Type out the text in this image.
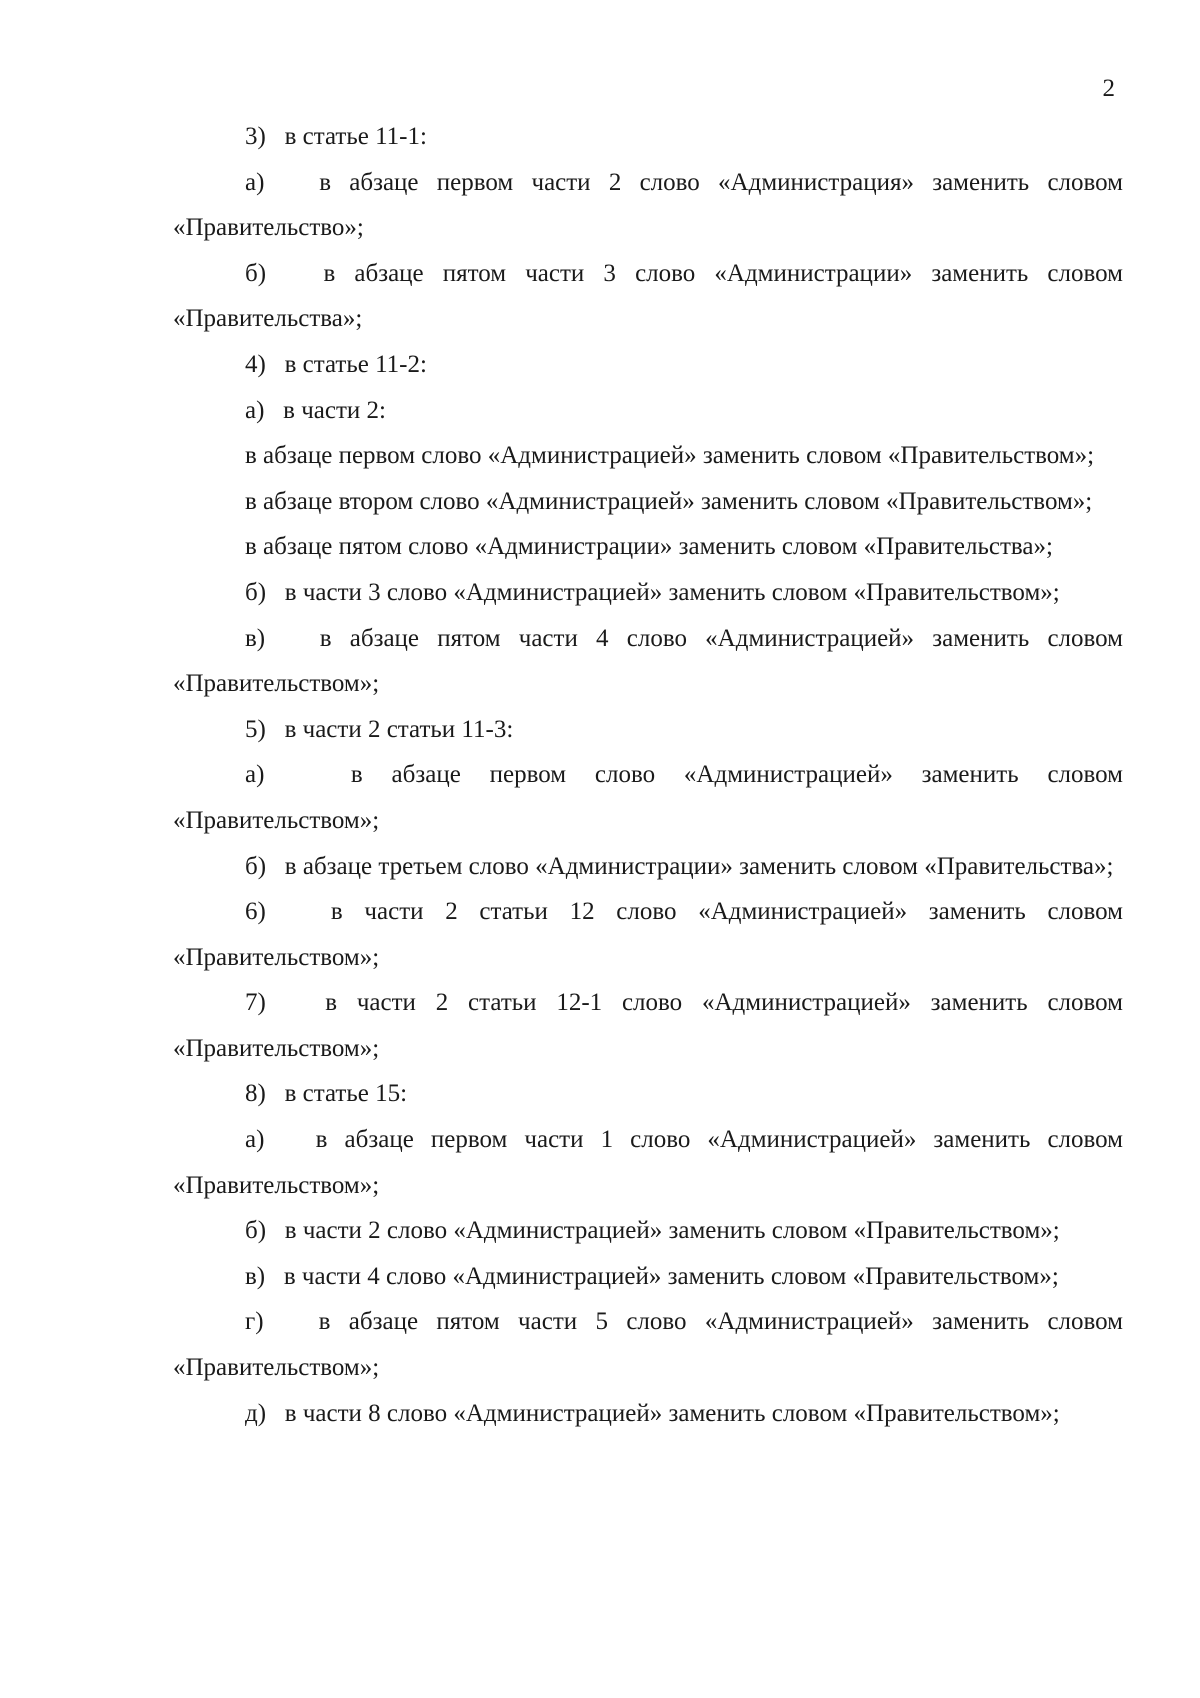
2

3)   в статье 11-1:

а)   в абзаце первом части 2 слово «Администрация» заменить словом «Правительство»;

б)   в абзаце пятом части 3 слово «Администрации» заменить словом «Правительства»;

4)   в статье 11-2:

а)   в части 2:

в абзаце первом слово «Администрацией» заменить словом «Правительством»;

в абзаце втором слово «Администрацией» заменить словом «Правительством»;

в абзаце пятом слово «Администрации» заменить словом «Правительства»;

б)   в части 3 слово «Администрацией» заменить словом «Правительством»;

в)   в абзаце пятом части 4 слово «Администрацией» заменить словом «Правительством»;

5)   в части 2 статьи 11-3:

а)   в абзаце первом слово «Администрацией» заменить словом «Правительством»;

б)   в абзаце третьем слово «Администрации» заменить словом «Правительства»;

6)   в части 2 статьи 12 слово «Администрацией» заменить словом «Правительством»;

7)   в части 2 статьи 12-1 слово «Администрацией» заменить словом «Правительством»;

8)   в статье 15:

а)   в абзаце первом части 1 слово «Администрацией» заменить словом «Правительством»;

б)   в части 2 слово «Администрацией» заменить словом «Правительством»;

в)   в части 4 слово «Администрацией» заменить словом «Правительством»;

г)   в абзаце пятом части 5 слово «Администрацией» заменить словом «Правительством»;

д)   в части 8 слово «Администрацией» заменить словом «Правительством»;
